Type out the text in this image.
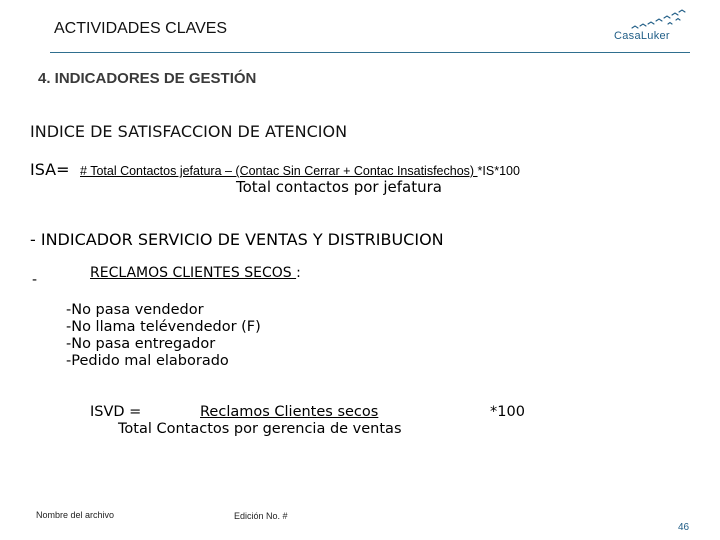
ACTIVIDADES CLAVES	CasaLuker
4. INDICADORES DE GESTIÓN
INDICE DE SATISFACCION DE ATENCION
ISA= # Total Contactos jefatura – (Contac Sin Cerrar + Contac Insatisfechos) *IS*100
Total contactos por jefatura
- INDICADOR SERVICIO DE VENTAS Y DISTRIBUCION
-	RECLAMOS CLIENTES SECOS :
-No pasa vendedor
-No llama telévendedor (F)
-No pasa entregador
-Pedido mal elaborado
ISVD =	Reclamos Clientes secos	*100
Total Contactos por gerencia de ventas
Nombre del archivo	Edición No. #
46
